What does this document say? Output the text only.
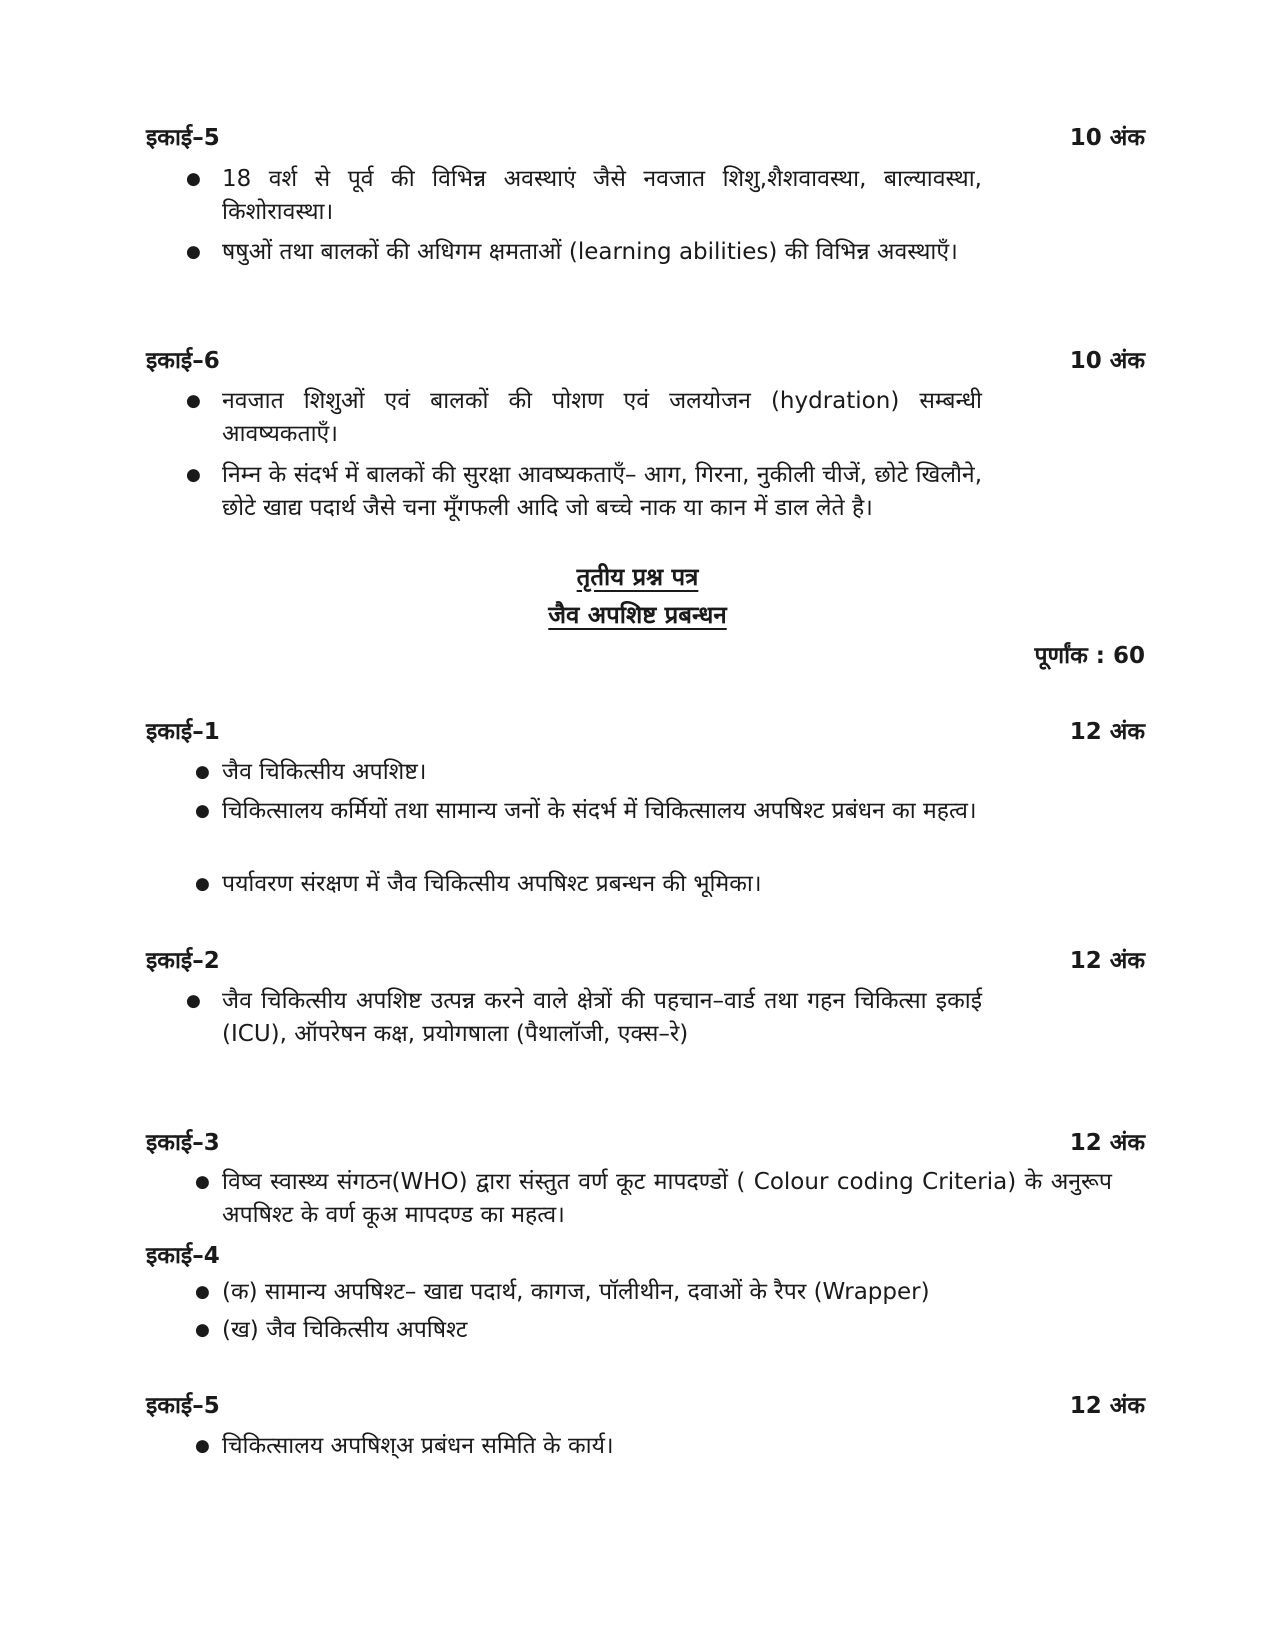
इकाई–5	10 अंक
● 18 वर्श से पूर्व की विभिन्न अवस्थाएं जैसे नवजात शिशु,शैशवावस्था, बाल्यावस्था, किशोरावस्था।
● षषुओं तथा बालकों की अधिगम क्षमताओं (learning abilities) की विभिन्न अवस्थाएँ।
इकाई–6	10 अंक
● नवजात शिशुओं एवं बालकों की पोशण एवं जलयोजन (hydration) सम्बन्धी आवष्यकताएँ।
● निम्न के संदर्भ में बालकों की सुरक्षा आवष्यकताएँ– आग, गिरना, नुकीली चीजें, छोटे खिलौने, छोटे खाद्य पदार्थ जैसे चना मूँगफली आदि जो बच्चे नाक या कान में डाल लेते है।
तृतीय प्रश्न पत्र
जैव अपशिष्ट प्रबन्धन
पूर्णांक : 60
इकाई–1	12 अंक
● जैव चिकित्सीय अपशिष्ट।
● चिकित्सालय कर्मियों तथा सामान्य जनों के संदर्भ में चिकित्सालय अपषिश्ट प्रबंधन का महत्व।
● पर्यावरण संरक्षण में जैव चिकित्सीय अपषिश्ट प्रबन्धन की भूमिका।
इकाई–2	12 अंक
● जैव चिकित्सीय अपशिष्ट उत्पन्न करने वाले क्षेत्रों की पहचान–वार्ड तथा गहन चिकित्सा इकाई (ICU), ऑपरेषन कक्ष, प्रयोगषाला (पैथालॉजी, एक्स–रे)
इकाई–3	12 अंक
● विष्व स्वास्थ्य संगठन(WHO) द्वारा संस्तुत वर्ण कूट मापदण्डों ( Colour coding Criteria) के अनुरूप अपषिश्ट के वर्ण कूअ मापदण्ड का महत्व।
इकाई–4
● (क) सामान्य अपषिश्ट– खाद्य पदार्थ, कागज, पॉलीथीन, दवाओं के रैपर (Wrapper)
● (ख) जैव चिकित्सीय अपषिश्ट
इकाई–5	12 अंक
● चिकित्सालय अपषिश्अ प्रबंधन समिति के कार्य।
